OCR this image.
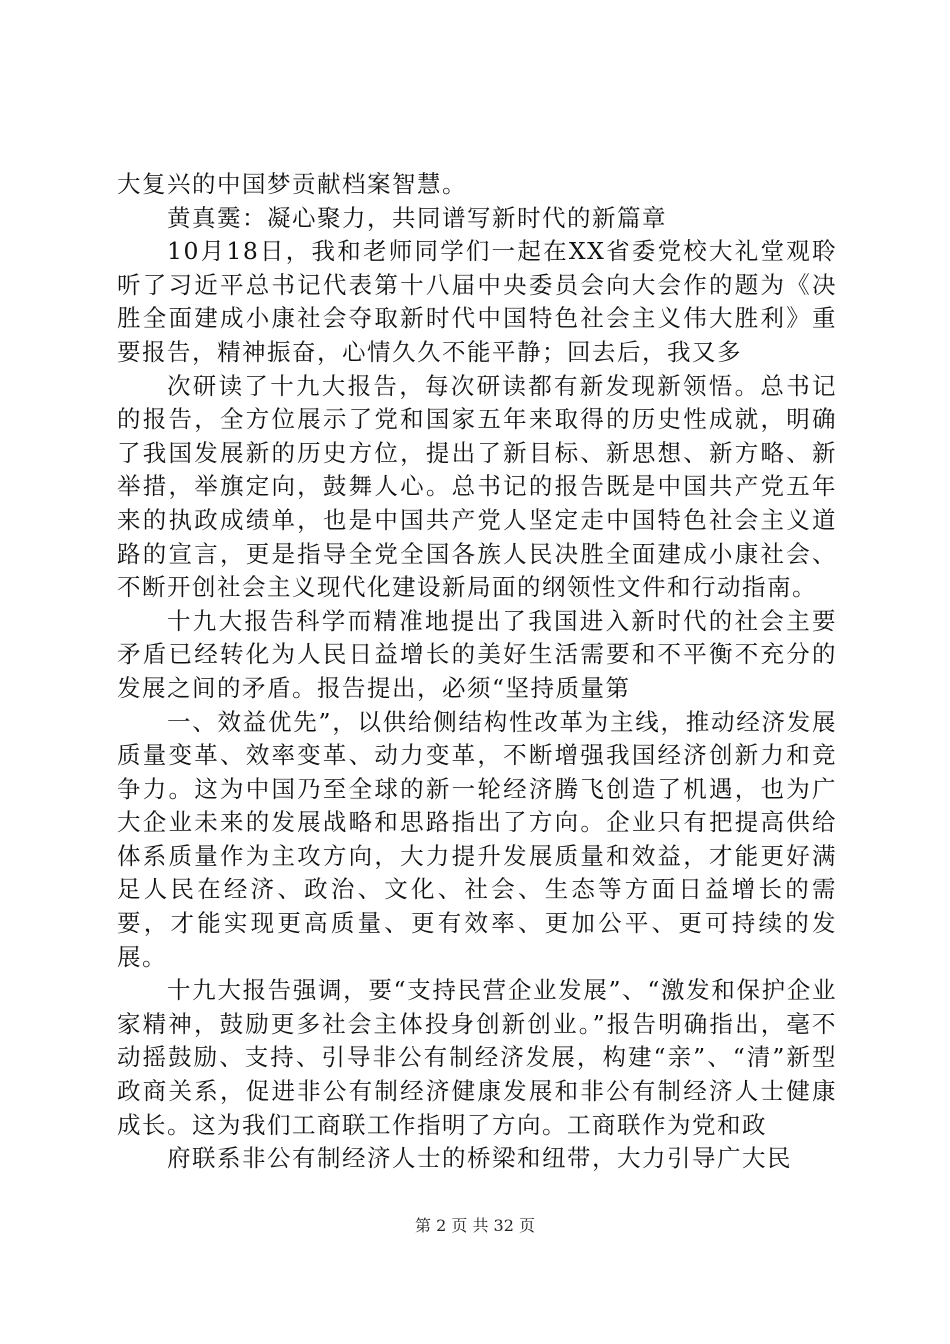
大复兴的中国梦贡献档案智慧。

黄真霙：凝心聚力，共同谱写新时代的新篇章

10月18日，我和老师同学们一起在XX省委党校大礼堂观聆听了习近平总书记代表第十八届中央委员会向大会作的题为《决胜全面建成小康社会夺取新时代中国特色社会主义伟大胜利》重要报告，精神振奋，心情久久不能平静；回去后，我又多

次研读了十九大报告，每次研读都有新发现新领悟。总书记的报告，全方位展示了党和国家五年来取得的历史性成就，明确了我国发展新的历史方位，提出了新目标、新思想、新方略、新举措，举旗定向，鼓舞人心。总书记的报告既是中国共产党五年来的执政成绩单，也是中国共产党人坚定走中国特色社会主义道路的宣言，更是指导全党全国各族人民决胜全面建成小康社会、不断开创社会主义现代化建设新局面的纲领性文件和行动指南。

十九大报告科学而精准地提出了我国进入新时代的社会主要矛盾已经转化为人民日益增长的美好生活需要和不平衡不充分的发展之间的矛盾。报告提出，必须“坚持质量第

一、效益优先”，以供给侧结构性改革为主线，推动经济发展质量变革、效率变革、动力变革，不断增强我国经济创新力和竞争力。这为中国乃至全球的新一轮经济腾飞创造了机遇，也为广大企业未来的发展战略和思路指出了方向。企业只有把提高供给体系质量作为主攻方向，大力提升发展质量和效益，才能更好满足人民在经济、政治、文化、社会、生态等方面日益增长的需要，才能实现更高质量、更有效率、更加公平、更可持续的发展。

十九大报告强调，要“支持民营企业发展”、“激发和保护企业家精神，鼓励更多社会主体投身创新创业。”报告明确指出，毫不动摇鼓励、支持、引导非公有制经济发展，构建“亲”、“清”新型政商关系，促进非公有制经济健康发展和非公有制经济人士健康成长。这为我们工商联工作指明了方向。工商联作为党和政

府联系非公有制经济人士的桥梁和纽带，大力引导广大民

第 2 页 共 32 页
